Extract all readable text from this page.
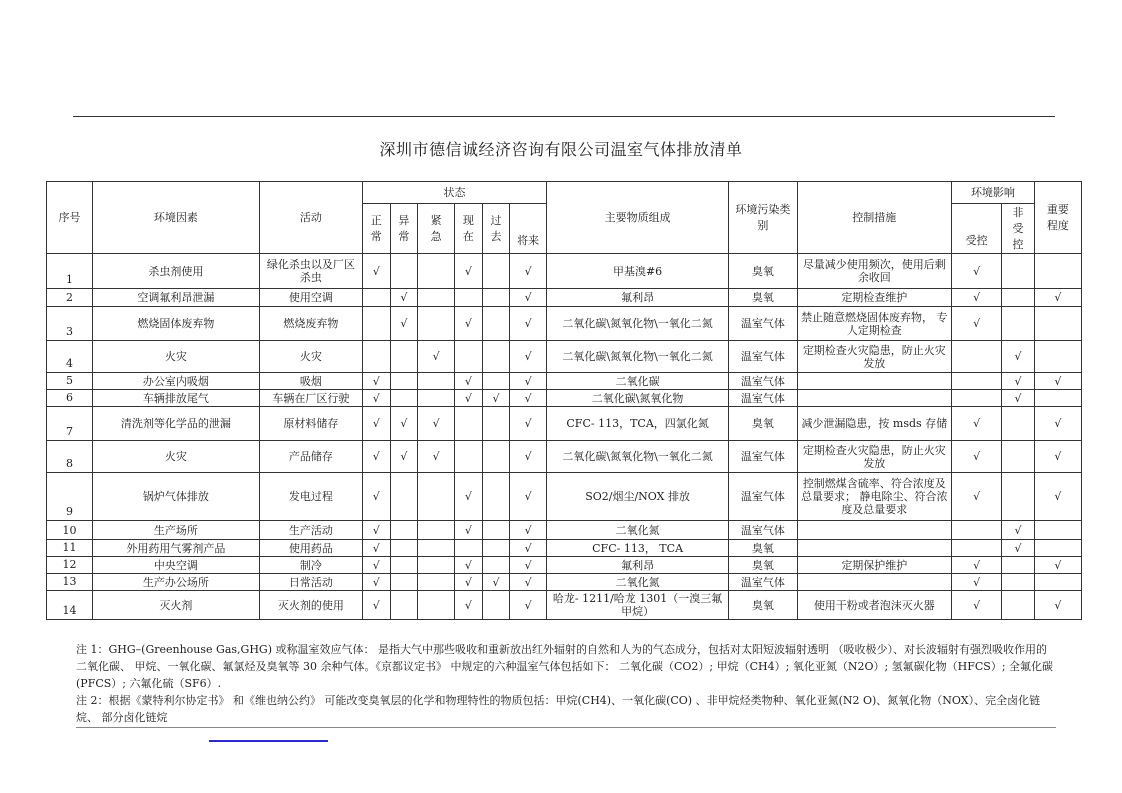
深圳市德信诚经济咨询有限公司温室气体排放清单
序号	环境因素	活动	状态						主要物质组成	环境污染类别	控制措施	环境影响		重要程度
			正常	异常	紧急	现在	过去	将来				受控	非受控	
1	杀虫剂使用	绿化杀虫以及厂区杀虫	√			√		√	甲基溴#6	臭氧	尽量减少使用频次，使用后剩余收回	√		
2	空调氟利昂泄漏	使用空调		√				√	氟利昂	臭氧	定期检查维护	√		√
3	燃烧固体废弃物	燃烧废弃物		√		√		√	二氧化碳\氮氧化物\一氧化二氮	温室气体	禁止随意燃烧固体废弃物， 专人定期检查	√		
4	火灾	火灾			√			√	二氧化碳\氮氧化物\一氧化二氮	温室气体	定期检查火灾隐患，防止火灾发放		√	
5	办公室内吸烟	吸烟	√			√		√	二氧化碳	温室气体			√	√
6	车辆排放尾气	车辆在厂区行驶	√			√	√	√	二氧化碳\氮氧化物	温室气体			√	
7	清洗剂等化学品的泄漏	原材料储存	√	√	√			√	CFC- 113，TCA，四氯化氮	臭氧	减少泄漏隐患，按 msds 存储	√		√
8	火灾	产品储存	√	√	√			√	二氧化碳\氮氧化物\一氧化二氮	温室气体	定期检查火灾隐患，防止火灾发放	√		√
9	锅炉气体排放	发电过程	√			√		√	SO2/烟尘/NOX 排放	温室气体	控制燃煤含硫率、符合浓度及总量要求； 静电除尘、符合浓度及总量要求	√		√
10	生产场所	生产活动	√			√		√	二氧化氮	温室气体			√	
11	外用药用气雾剂产品	使用药品	√					√	CFC- 113， TCA	臭氧			√	
12	中央空调	制冷	√			√		√	氟利昂	臭氧	定期保护维护	√		√
13	生产办公场所	日常活动	√			√	√	√	二氧化氮	温室气体		√		
14	灭火剂	灭火剂的使用	√			√		√	哈龙- 1211/哈龙 1301（一溴三氟甲烷）	臭氧	使用干粉或者泡沫灭火器	√		√
注 1：GHG–(Greenhouse Gas,GHG) 或称温室效应气体： 是指大气中那些吸收和重新放出红外辐射的自然和人为的气态成分，包括对太阳短波辐射透明 （吸收极少）、对长波辐射有强烈吸收作用的二氧化碳、 甲烷、一氧化碳、氟氯烃及臭氧等 30 余种气体。《京都议定书》 中规定的六种温室气体包括如下： 二氧化碳（CO2）; 甲烷（CH4）; 氧化亚氮（N2O）; 氢氟碳化物（HFCS）; 全氟化碳(PFCS）; 六氟化硫（SF6）.
注 2：根据《蒙特利尔协定书》 和《维也纳公约》 可能改变臭氧层的化学和物理特性的物质包括：甲烷(CH4)、一氧化碳(CO) 、非甲烷烃类物种、氧化亚氮(N2 O)、氮氧化物（NOX）、完全卤化链烷、 部分卤化链烷
